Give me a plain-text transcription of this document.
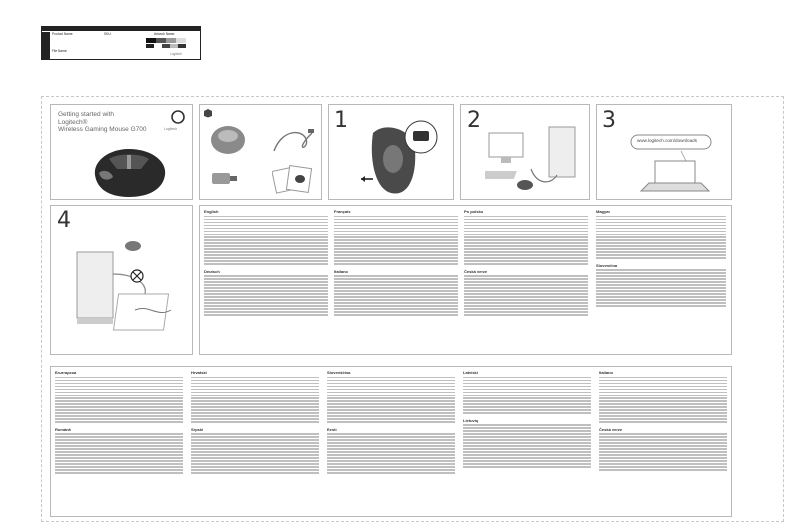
Product Name:	SKU:	Artwork Name:
File Name:
Logitech
Getting started with
Logitech®
Wireless Gaming Mouse G700	Logitech	1	2	3
www.logitech.com/downloads
4	English
Deutsch
Français
Italiano
Po polsku
Česká verze
Magyar
Slovenčina
Български
Română
Hrvatski
Srpski
Slovenščina
Eesti
Latviski
Lietuvių
Italiano
Česká verze
